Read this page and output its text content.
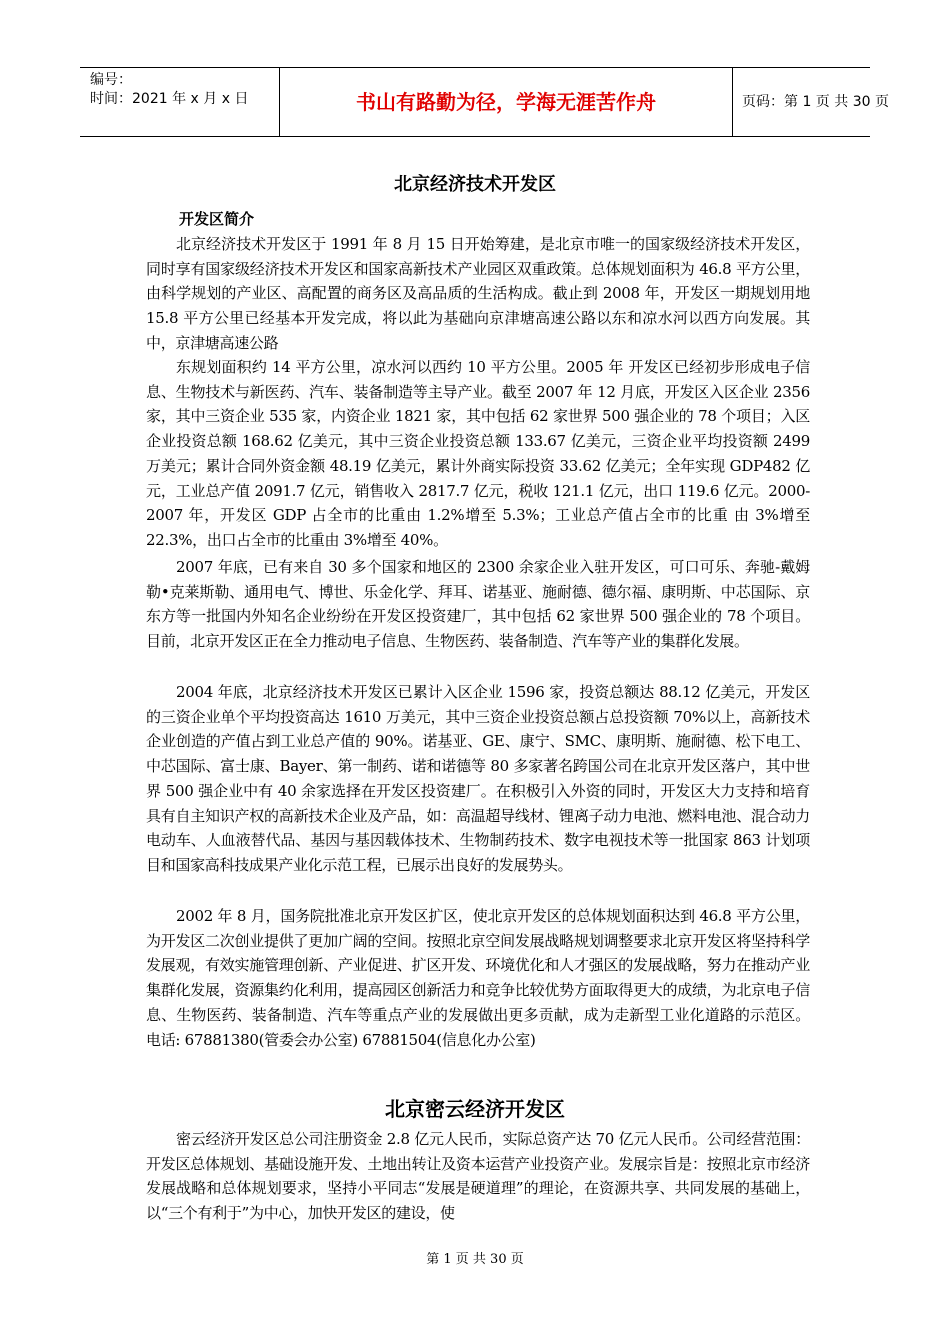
编号：
时间：2021 年 x 月 x 日	书山有路勤为径，学海无涯苦作舟	页码：第 1 页 共 30 页
北京经济技术开发区
开发区简介

北京经济技术开发区于 1991 年 8 月 15 日开始筹建，是北京市唯一的国家级经济技术开发区，同时享有国家级经济技术开发区和国家高新技术产业园区双重政策。总体规划面积为 46.8 平方公里，由科学规划的产业区、高配置的商务区及高品质的生活构成。截止到 2008 年，开发区一期规划用地 15.8 平方公里已经基本开发完成，将以此为基础向京津塘高速公路以东和凉水河以西方向发展。其中，京津塘高速公路

东规划面积约 14 平方公里，凉水河以西约 10 平方公里。2005 年 开发区已经初步形成电子信息、生物技术与新医药、汽车、装备制造等主导产业。截至 2007 年 12 月底，开发区入区企业 2356 家，其中三资企业 535 家，内资企业 1821 家，其中包括 62 家世界 500 强企业的 78 个项目；入区企业投资总额 168.62 亿美元，其中三资企业投资总额 133.67 亿美元，三资企业平均投资额 2499 万美元；累计合同外资金额 48.19 亿美元，累计外商实际投资 33.62 亿美元；全年实现 GDP482 亿元，工业总产值 2091.7 亿元，销售收入 2817.7 亿元，税收 121.1 亿元，出口 119.6 亿元。2000-2007 年，开发区 GDP 占全市的比重由 1.2%增至 5.3%；工业总产值占全市的比重 由 3%增至 22.3%，出口占全市的比重由 3%增至 40%。

2007 年底，已有来自 30 多个国家和地区的 2300 余家企业入驻开发区，可口可乐、奔驰-戴姆勒•克莱斯勒、通用电气、博世、乐金化学、拜耳、诺基亚、施耐德、德尔福、康明斯、中芯国际、京东方等一批国内外知名企业纷纷在开发区投资建厂，其中包括 62 家世界 500 强企业的 78 个项目。目前，北京开发区正在全力推动电子信息、生物医药、装备制造、汽车等产业的集群化发展。

2004 年底，北京经济技术开发区已累计入区企业 1596 家，投资总额达 88.12 亿美元，开发区的三资企业单个平均投资高达 1610 万美元，其中三资企业投资总额占总投资额 70%以上，高新技术企业创造的产值占到工业总产值的 90%。诺基亚、GE、康宁、SMC、康明斯、施耐德、松下电工、中芯国际、富士康、Bayer、第一制药、诺和诺德等 80 多家著名跨国公司在北京开发区落户，其中世界 500 强企业中有 40 余家选择在开发区投资建厂。在积极引入外资的同时，开发区大力支持和培育具有自主知识产权的高新技术企业及产品，如：高温超导线材、锂离子动力电池、燃料电池、混合动力电动车、人血液替代品、基因与基因载体技术、生物制药技术、数字电视技术等一批国家 863 计划项目和国家高科技成果产业化示范工程，已展示出良好的发展势头。

2002 年 8 月，国务院批准北京开发区扩区，使北京开发区的总体规划面积达到 46.8 平方公里，为开发区二次创业提供了更加广阔的空间。按照北京空间发展战略规划调整要求北京开发区将坚持科学发展观，有效实施管理创新、产业促进、扩区开发、环境优化和人才强区的发展战略，努力在推动产业集群化发展，资源集约化利用，提高园区创新活力和竞争比较优势方面取得更大的成绩，为北京电子信息、生物医药、装备制造、汽车等重点产业的发展做出更多贡献，成为走新型工业化道路的示范区。 电话: 67881380(管委会办公室) 67881504(信息化办公室)

北京密云经济开发区

密云经济开发区总公司注册资金 2.8 亿元人民币，实际总资产达 70 亿元人民币。公司经营范围：开发区总体规划、基础设施开发、土地出转让及资本运营产业投资产业。发展宗旨是：按照北京市经济发展战略和总体规划要求，坚持小平同志“发展是硬道理”的理论，在资源共享、共同发展的基础上，以“三个有利于”为中心，加快开发区的建设，使

第 1 页 共 30 页
